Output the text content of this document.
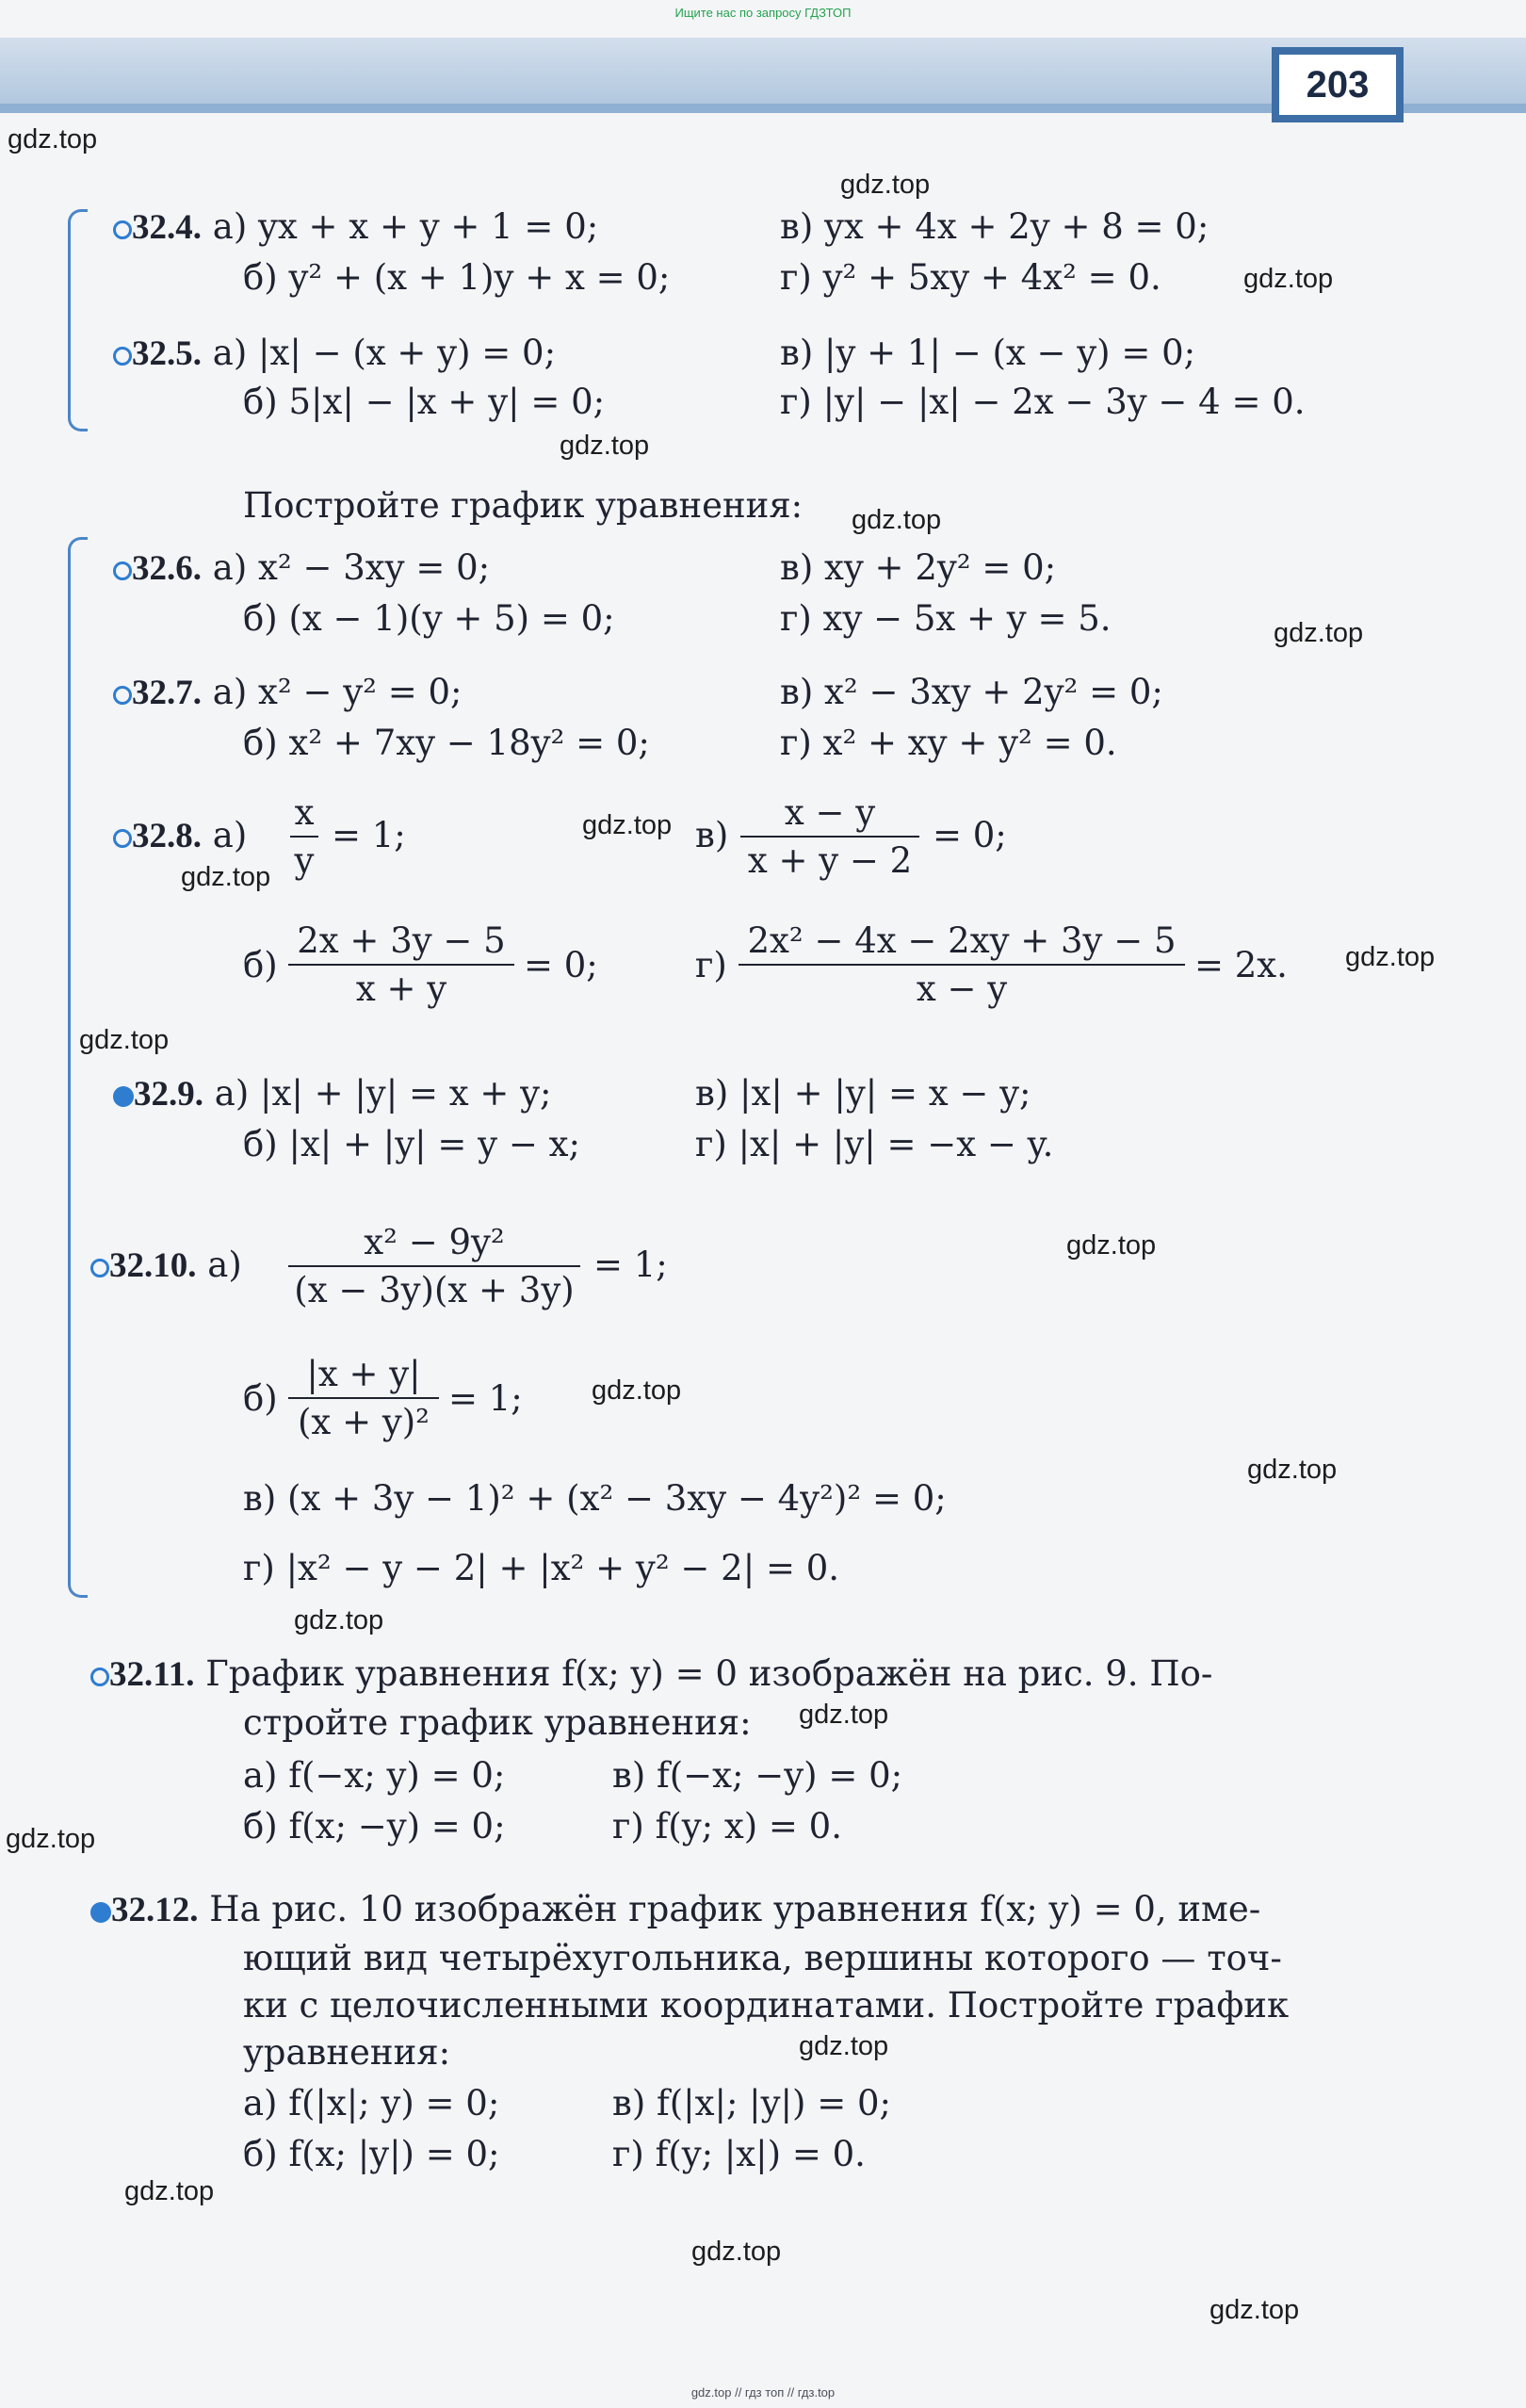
Ищите нас по запросу ГДЗТОП
203
gdz.top
gdz.top
gdz.top
gdz.top
gdz.top
gdz.top
gdz.top
gdz.top
gdz.top
gdz.top
gdz.top
gdz.top
gdz.top
gdz.top
gdz.top
gdz.top
gdz.top
gdz.top
gdz.top
gdz.top
32.4. а) yx + x + y + 1 = 0;	в) yx + 4x + 2y + 8 = 0;
б) y² + (x + 1)y + x = 0;	г) y² + 5xy + 4x² = 0.
32.5. а) |x| − (x + y) = 0;	в) |y + 1| − (x − y) = 0;
б) 5|x| − |x + y| = 0;	г) |y| − |x| − 2x − 3y − 4 = 0.
Постройте график уравнения:
32.6. а) x² − 3xy = 0;	в) xy + 2y² = 0;
б) (x − 1)(y + 5) = 0;	г) xy − 5x + y = 5.
32.7. а) x² − y² = 0;	в) x² − 3xy + 2y² = 0;
б) x² + 7xy − 18y² = 0;	г) x² + xy + y² = 0.
32.8. а)
x
y
= 1;	в)
x − y
x + y − 2
= 0;
б)
2x + 3y − 5
x + y
= 0;	г)
2x² − 4x − 2xy + 3y − 5
x − y
= 2x.
32.9. а) |x| + |y| = x + y;	в) |x| + |y| = x − y;
б) |x| + |y| = y − x;	г) |x| + |y| = −x − y.
32.10. а)
x² − 9y²
(x − 3y)(x + 3y)
= 1;
б)
|x + y|
(x + y)²
= 1;
в) (x + 3y − 1)² + (x² − 3xy − 4y²)² = 0;
г) |x² − y − 2| + |x² + y² − 2| = 0.
32.11. График уравнения f(x; y) = 0 изображён на рис. 9. По-
стройте график уравнения:
а) f(−x; y) = 0;	в) f(−x; −y) = 0;
б) f(x; −y) = 0;	г) f(y; x) = 0.
32.12. На рис. 10 изображён график уравнения f(x; y) = 0, име-
ющий вид четырёхугольника, вершины которого — точ-
ки с целочисленными координатами. Постройте график
уравнения:
а) f(|x|; y) = 0;	в) f(|x|; |y|) = 0;
б) f(x; |y|) = 0;	г) f(y; |x|) = 0.
gdz.top // гдз топ // гдз.top
